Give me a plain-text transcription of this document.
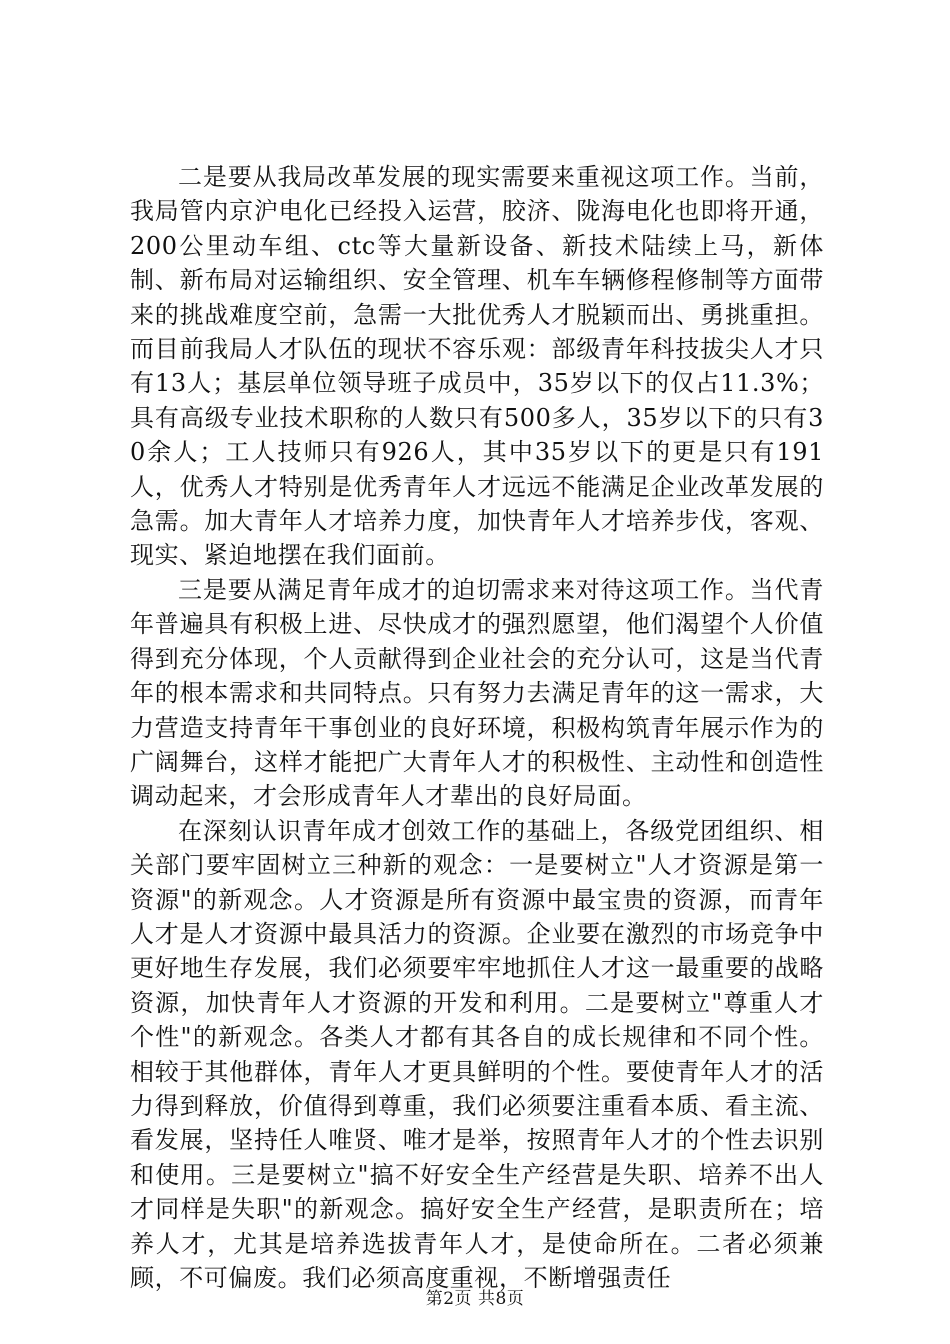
二是要从我局改革发展的现实需要来重视这项工作。当前，我局管内京沪电化已经投入运营，胶济、陇海电化也即将开通，200公里动车组、ctc等大量新设备、新技术陆续上马，新体制、新布局对运输组织、安全管理、机车车辆修程修制等方面带来的挑战难度空前，急需一大批优秀人才脱颖而出、勇挑重担。而目前我局人才队伍的现状不容乐观：部级青年科技拔尖人才只有13人；基层单位领导班子成员中，35岁以下的仅占11.3%；具有高级专业技术职称的人数只有500多人，35岁以下的只有30余人；工人技师只有926人，其中35岁以下的更是只有191人，优秀人才特别是优秀青年人才远远不能满足企业改革发展的急需。加大青年人才培养力度，加快青年人才培养步伐，客观、现实、紧迫地摆在我们面前。

三是要从满足青年成才的迫切需求来对待这项工作。当代青年普遍具有积极上进、尽快成才的强烈愿望，他们渴望个人价值得到充分体现，个人贡献得到企业社会的充分认可，这是当代青年的根本需求和共同特点。只有努力去满足青年的这一需求，大力营造支持青年干事创业的良好环境，积极构筑青年展示作为的广阔舞台，这样才能把广大青年人才的积极性、主动性和创造性调动起来，才会形成青年人才辈出的良好局面。

在深刻认识青年成才创效工作的基础上，各级党团组织、相关部门要牢固树立三种新的观念：一是要树立"人才资源是第一资源"的新观念。人才资源是所有资源中最宝贵的资源，而青年人才是人才资源中最具活力的资源。企业要在激烈的市场竞争中更好地生存发展，我们必须要牢牢地抓住人才这一最重要的战略资源，加快青年人才资源的开发和利用。二是要树立"尊重人才个性"的新观念。各类人才都有其各自的成长规律和不同个性。相较于其他群体，青年人才更具鲜明的个性。要使青年人才的活力得到释放，价值得到尊重，我们必须要注重看本质、看主流、看发展，坚持任人唯贤、唯才是举，按照青年人才的个性去识别和使用。三是要树立"搞不好安全生产经营是失职、培养不出人才同样是失职"的新观念。搞好安全生产经营，是职责所在；培养人才，尤其是培养选拔青年人才，是使命所在。二者必须兼顾，不可偏废。我们必须高度重视，不断增强责任

第2页 共8页
